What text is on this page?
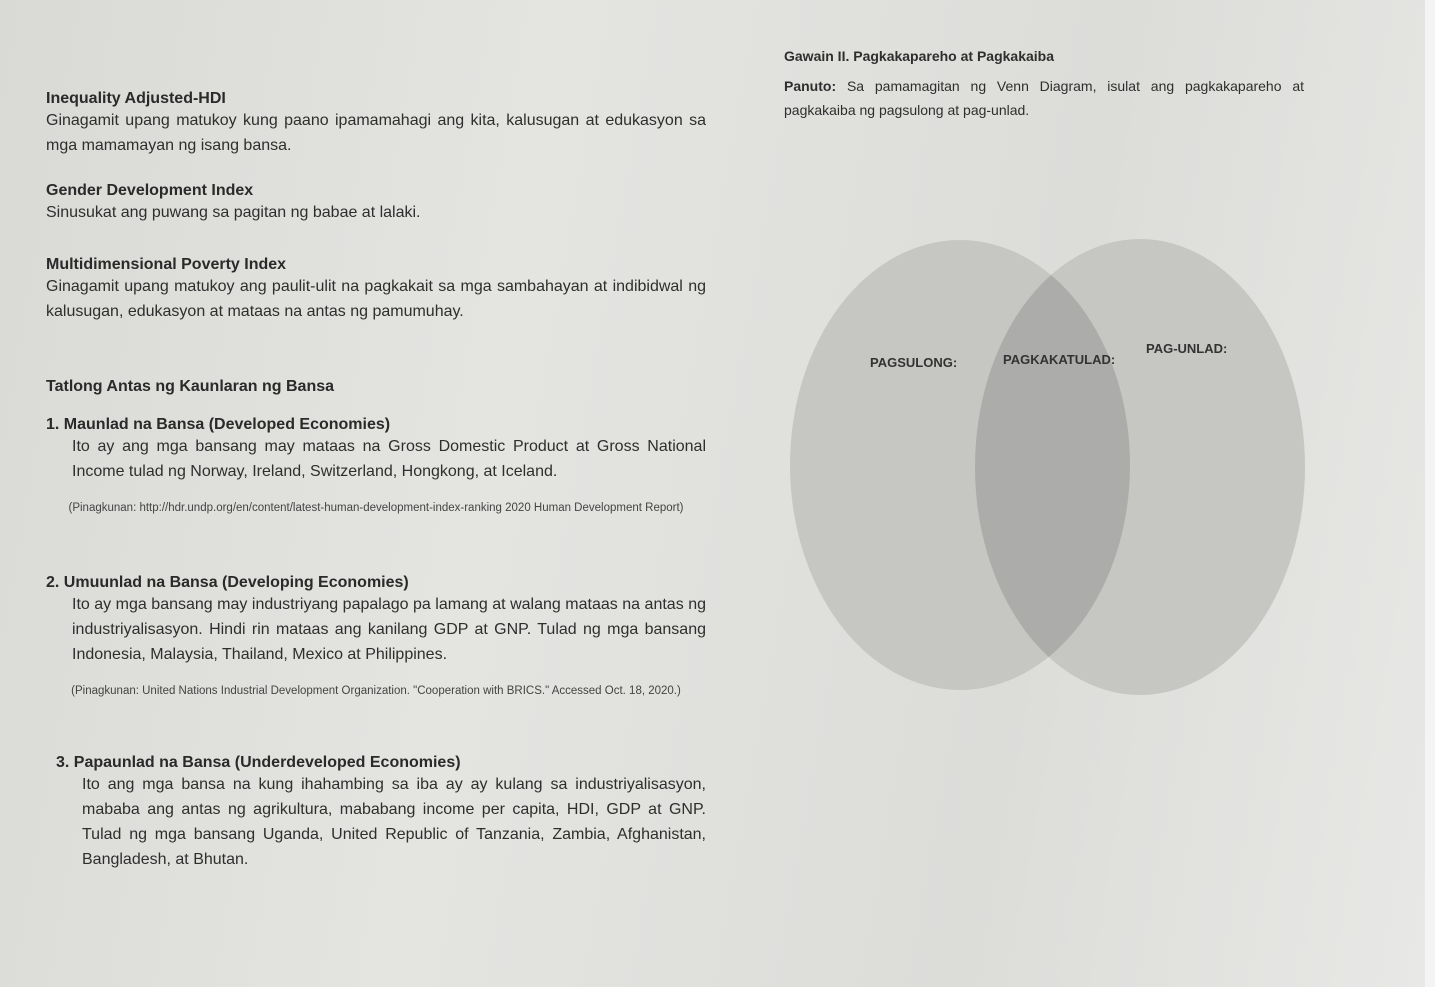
Inequality Adjusted-HDI
Ginagamit upang matukoy kung paano ipamamahagi ang kita, kalusugan at edukasyon sa mga mamamayan ng isang bansa.
Gender Development Index
Sinusukat ang puwang sa pagitan ng babae at lalaki.
Multidimensional Poverty Index
Ginagamit upang matukoy ang paulit-ulit na pagkakait sa mga sambahayan at indibidwal ng kalusugan, edukasyon at mataas na antas ng pamumuhay.
Tatlong Antas ng Kaunlaran ng Bansa
1. Maunlad na Bansa (Developed Economies)
Ito ay ang mga bansang may mataas na Gross Domestic Product at Gross National Income tulad ng Norway, Ireland, Switzerland, Hongkong, at Iceland.
(Pinagkunan: http://hdr.undp.org/en/content/latest-human-development-index-ranking 2020 Human Development Report)
2. Umuunlad na Bansa (Developing Economies)
Ito ay mga bansang may industriyang papalago pa lamang at walang mataas na antas ng industriyalisasyon. Hindi rin mataas ang kanilang GDP at GNP. Tulad ng mga bansang Indonesia, Malaysia, Thailand, Mexico at Philippines.
(Pinagkunan: United Nations Industrial Development Organization. "Cooperation with BRICS." Accessed Oct. 18, 2020.)
3. Papaunlad na Bansa (Underdeveloped Economies)
Ito ang mga bansa na kung ihahambing sa iba ay ay kulang sa industriyalisasyon, mababa ang antas ng agrikultura, mababang income per capita, HDI, GDP at GNP. Tulad ng mga bansang Uganda, United Republic of Tanzania, Zambia, Afghanistan, Bangladesh, at Bhutan.
Gawain II. Pagkakapareho at Pagkakaiba
Panuto: Sa pamamagitan ng Venn Diagram, isulat ang pagkakapareho at pagkakaiba ng pagsulong at pag-unlad.
PAGSULONG:	PAGKAKATULAD:
PAG-UNLAD:
